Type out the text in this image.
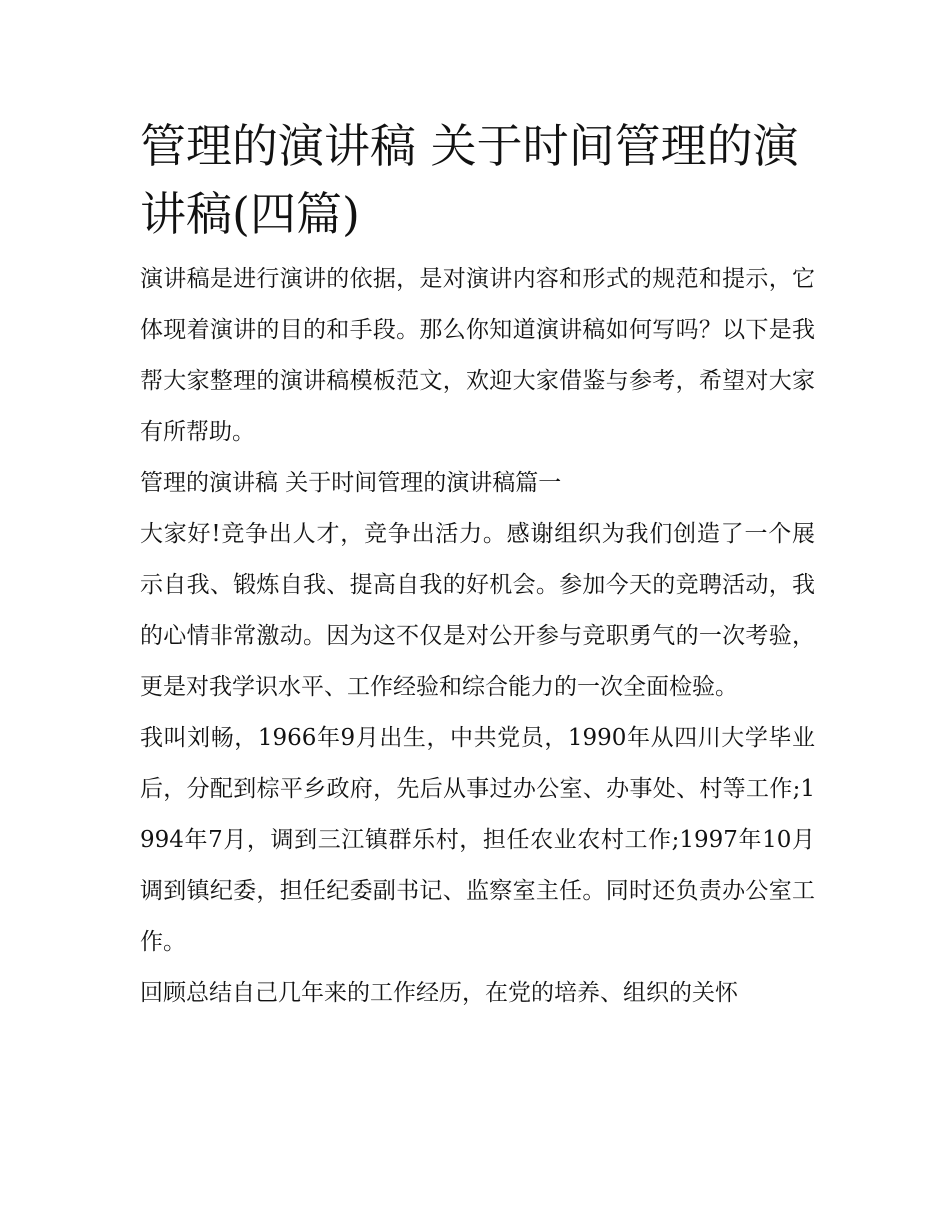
管理的演讲稿 关于时间管理的演讲稿(四篇)

演讲稿是进行演讲的依据，是对演讲内容和形式的规范和提示，它体现着演讲的目的和手段。那么你知道演讲稿如何写吗？以下是我帮大家整理的演讲稿模板范文，欢迎大家借鉴与参考，希望对大家有所帮助。

管理的演讲稿 关于时间管理的演讲稿篇一

大家好!竞争出人才，竞争出活力。感谢组织为我们创造了一个展示自我、锻炼自我、提高自我的好机会。参加今天的竞聘活动，我的心情非常激动。因为这不仅是对公开参与竞职勇气的一次考验，更是对我学识水平、工作经验和综合能力的一次全面检验。

我叫刘畅，1966年9月出生，中共党员，1990年从四川大学毕业后，分配到棕平乡政府，先后从事过办公室、办事处、村等工作;1994年7月，调到三江镇群乐村，担任农业农村工作;1997年10月调到镇纪委，担任纪委副书记、监察室主任。同时还负责办公室工作。

回顾总结自己几年来的工作经历，在党的培养、组织的关怀
